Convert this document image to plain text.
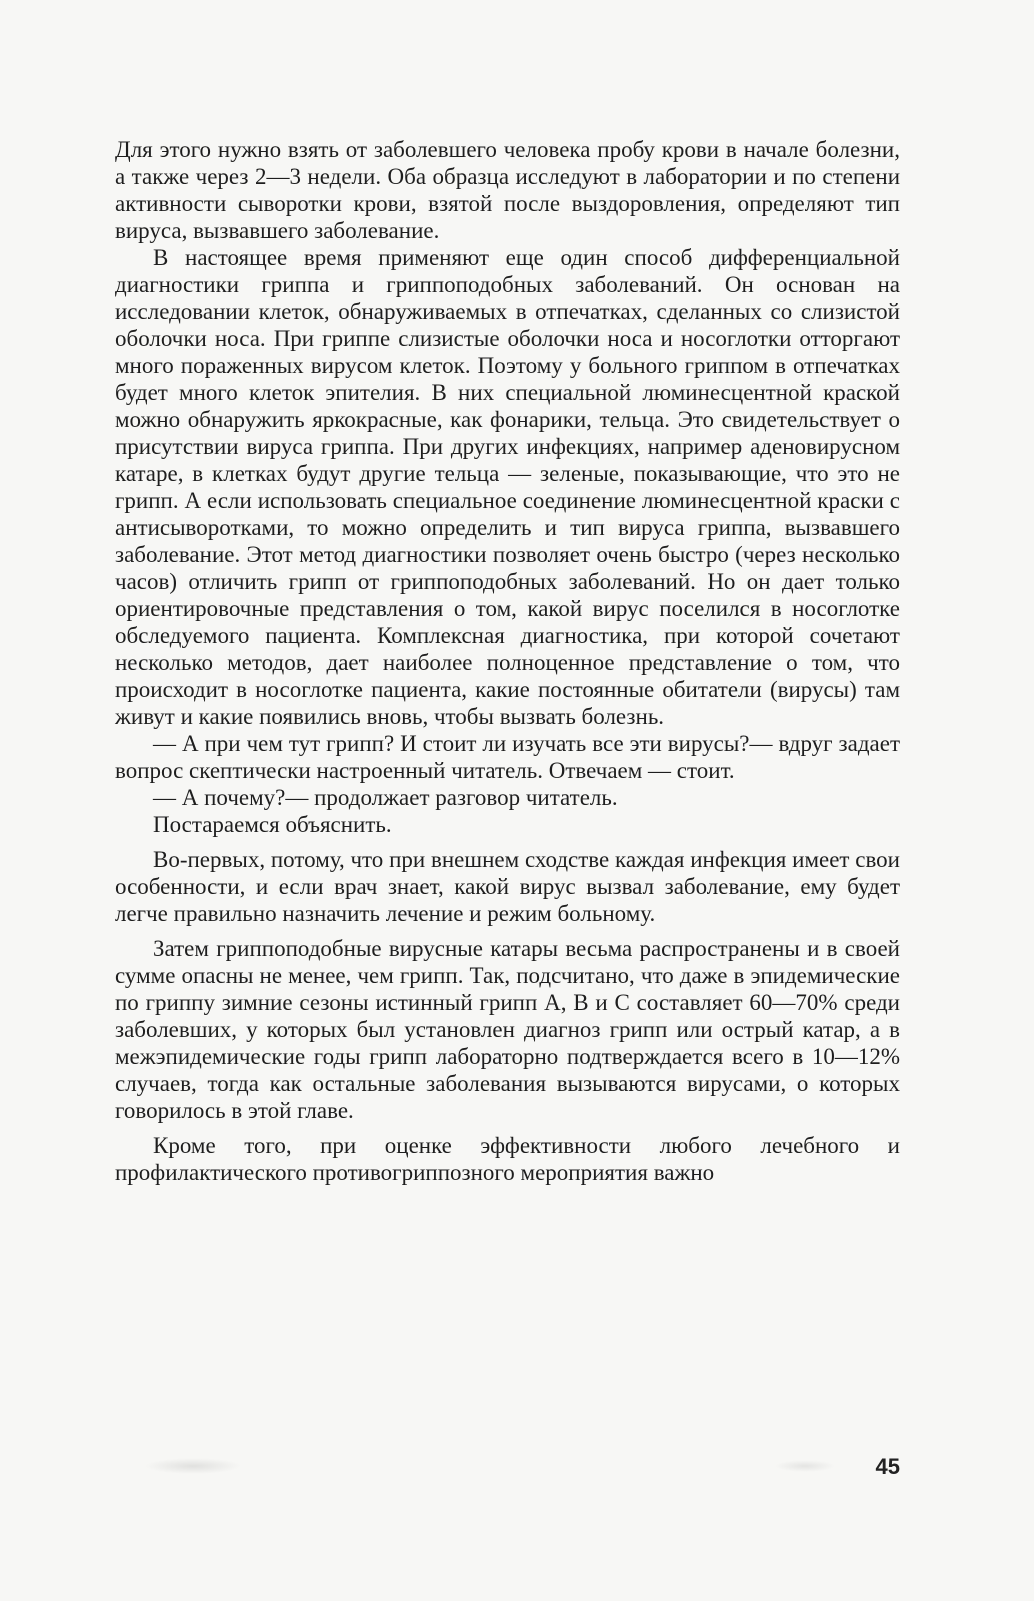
Для этого нужно взять от заболевшего человека пробу крови в начале болезни, а также через 2—3 недели. Оба образца исследуют в лаборатории и по степени активности сыворотки крови, взятой после выздоровления, определяют тип вируса, вызвавшего заболевание.

В настоящее время применяют еще один способ дифференциальной диагностики гриппа и гриппоподобных заболеваний. Он основан на исследовании клеток, обнаруживаемых в отпечатках, сделанных со слизистой оболочки носа. При гриппе слизистые оболочки носа и носоглотки отторгают много пораженных вирусом клеток. Поэтому у больного гриппом в отпечатках будет много клеток эпителия. В них специальной люминесцентной краской можно обнаружить яркокрасные, как фонарики, тельца. Это свидетельствует о присутствии вируса гриппа. При других инфекциях, например аденовирусном катаре, в клетках будут другие тельца — зеленые, показывающие, что это не грипп. А если использовать специальное соединение люминесцентной краски с антисыворотками, то можно определить и тип вируса гриппа, вызвавшего заболевание. Этот метод диагностики позволяет очень быстро (через несколько часов) отличить грипп от гриппоподобных заболеваний. Но он дает только ориентировочные представления о том, какой вирус поселился в носоглотке обследуемого пациента. Комплексная диагностика, при которой сочетают несколько методов, дает наиболее полноценное представление о том, что происходит в носоглотке пациента, какие постоянные обитатели (вирусы) там живут и какие появились вновь, чтобы вызвать болезнь.

— А при чем тут грипп? И стоит ли изучать все эти вирусы?— вдруг задает вопрос скептически настроенный читатель. Отвечаем — стоит.

— А почему?— продолжает разговор читатель.

Постараемся объяснить.

Во-первых, потому, что при внешнем сходстве каждая инфекция имеет свои особенности, и если врач знает, какой вирус вызвал заболевание, ему будет легче правильно назначить лечение и режим больному.

Затем гриппоподобные вирусные катары весьма распространены и в своей сумме опасны не менее, чем грипп. Так, подсчитано, что даже в эпидемические по гриппу зимние сезоны истинный грипп А, В и С составляет 60—70% среди заболевших, у которых был установлен диагноз грипп или острый катар, а в межэпидемические годы грипп лабораторно подтверждается всего в 10—12% случаев, тогда как остальные заболевания вызываются вирусами, о которых говорилось в этой главе.

Кроме того, при оценке эффективности любого лечебного и профилактического противогриппозного мероприятия важно

45
